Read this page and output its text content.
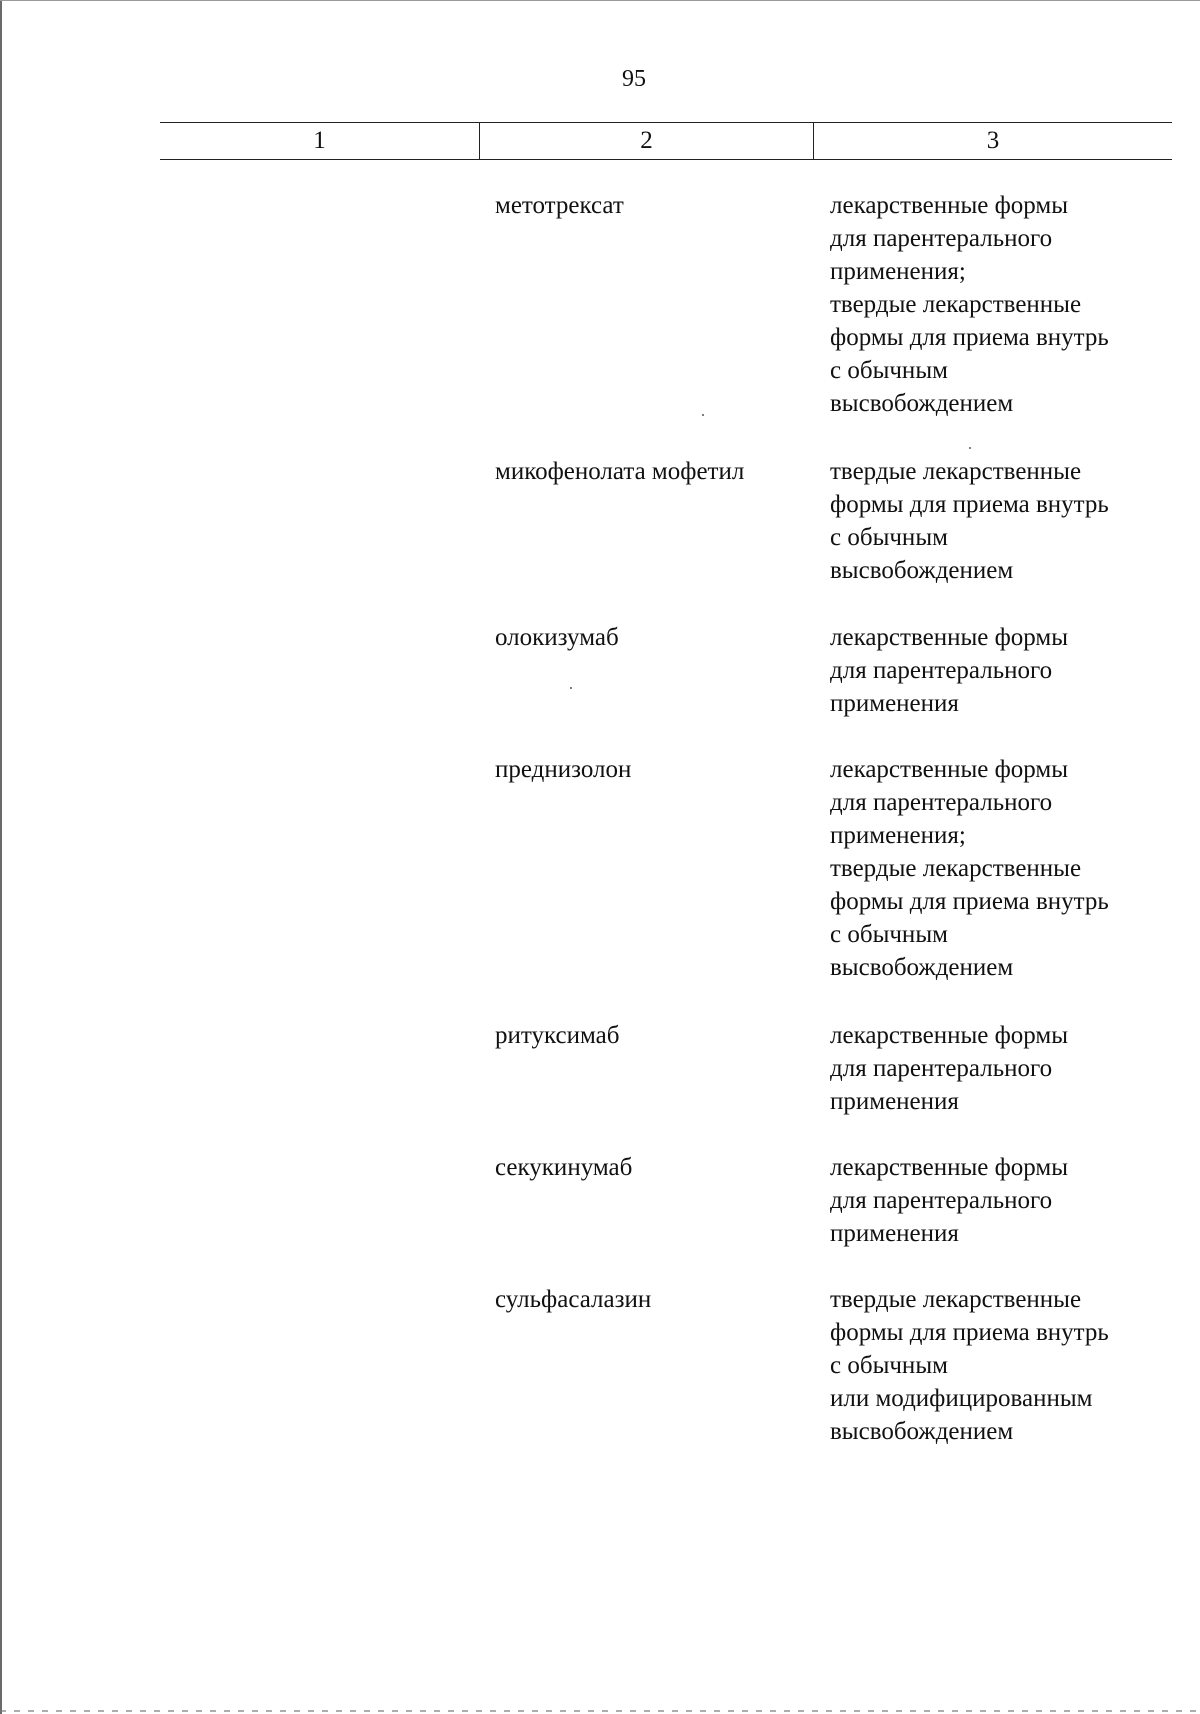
95
1	2	3
метотрексат	лекарственные формы
для парентерального
применения;
твердые лекарственные
формы для приема внутрь
с обычным
высвобождением
микофенолата мофетил	твердые лекарственные
формы для приема внутрь
с обычным
высвобождением
олокизумаб	лекарственные формы
для парентерального
применения
преднизолон	лекарственные формы
для парентерального
применения;
твердые лекарственные
формы для приема внутрь
с обычным
высвобождением
ритуксимаб	лекарственные формы
для парентерального
применения
секукинумаб	лекарственные формы
для парентерального
применения
сульфасалазин	твердые лекарственные
формы для приема внутрь
с обычным
или модифицированным
высвобождением
